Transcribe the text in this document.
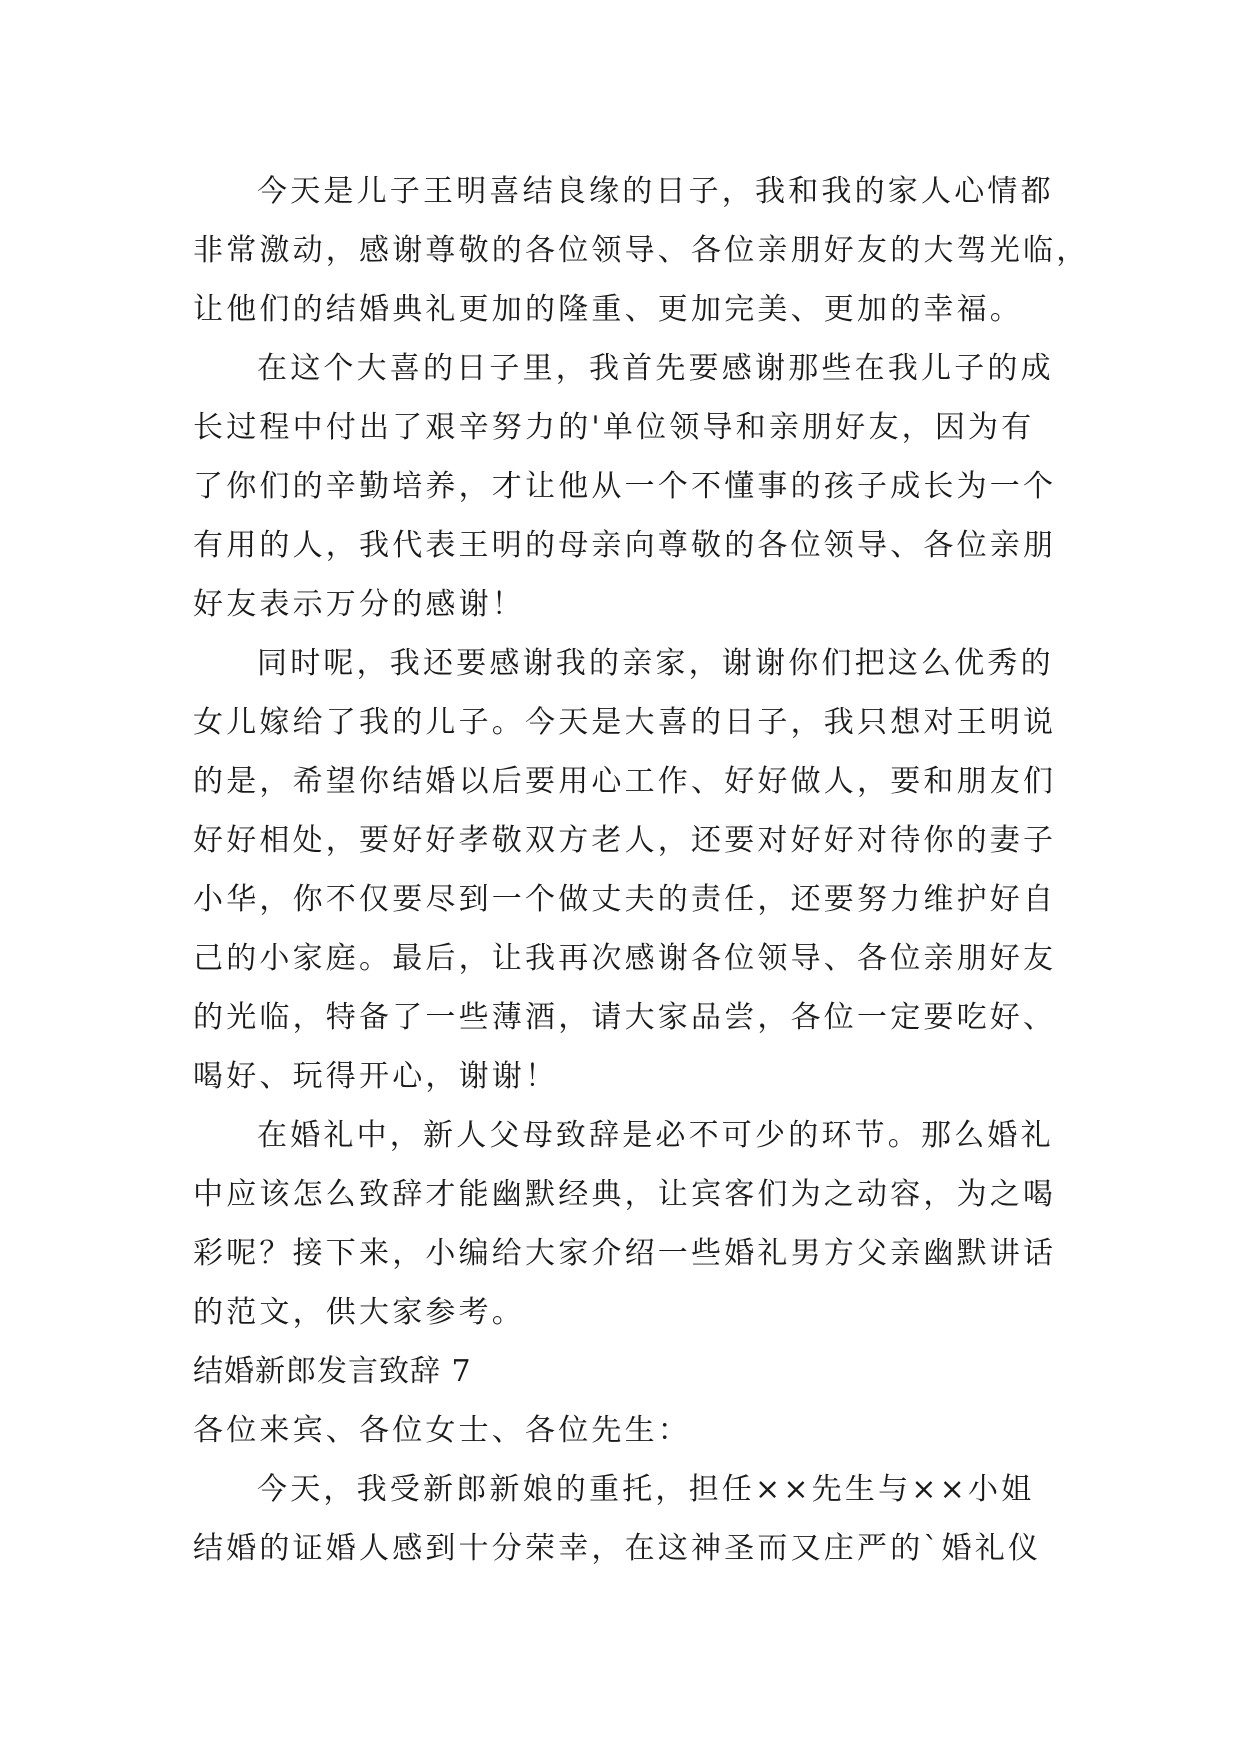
今天是儿子王明喜结良缘的日子，我和我的家人心情都
非常激动，感谢尊敬的各位领导、各位亲朋好友的大驾光临，
让他们的结婚典礼更加的隆重、更加完美、更加的幸福。
在这个大喜的日子里，我首先要感谢那些在我儿子的成
长过程中付出了艰辛努力的'单位领导和亲朋好友，因为有
了你们的辛勤培养，才让他从一个不懂事的孩子成长为一个
有用的人，我代表王明的母亲向尊敬的各位领导、各位亲朋
好友表示万分的感谢！
同时呢，我还要感谢我的亲家，谢谢你们把这么优秀的
女儿嫁给了我的儿子。今天是大喜的日子，我只想对王明说
的是，希望你结婚以后要用心工作、好好做人，要和朋友们
好好相处，要好好孝敬双方老人，还要对好好对待你的妻子
小华，你不仅要尽到一个做丈夫的责任，还要努力维护好自
己的小家庭。最后，让我再次感谢各位领导、各位亲朋好友
的光临，特备了一些薄酒，请大家品尝，各位一定要吃好、
喝好、玩得开心，谢谢！
在婚礼中，新人父母致辞是必不可少的环节。那么婚礼
中应该怎么致辞才能幽默经典，让宾客们为之动容，为之喝
彩呢？接下来，小编给大家介绍一些婚礼男方父亲幽默讲话
的范文，供大家参考。
结婚新郎发言致辞 7
各位来宾、各位女士、各位先生：
今天，我受新郎新娘的重托，担任××先生与××小姐
结婚的证婚人感到十分荣幸，在这神圣而又庄严的`婚礼仪
